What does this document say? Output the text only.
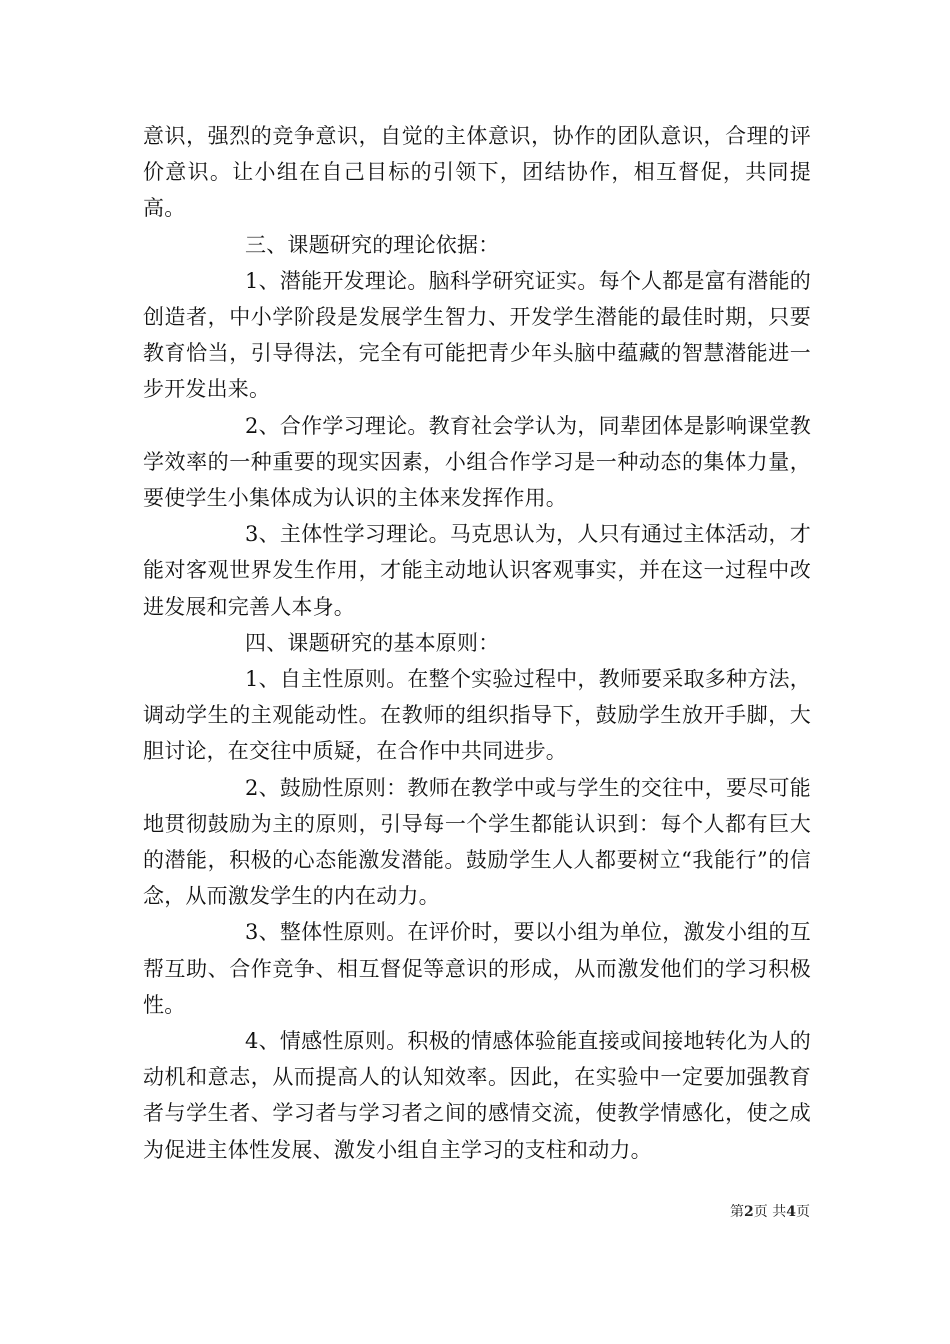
意识，强烈的竞争意识，自觉的主体意识，协作的团队意识，合理的评价意识。让小组在自己目标的引领下，团结协作，相互督促，共同提高。

三、课题研究的理论依据：

1、潜能开发理论。脑科学研究证实。每个人都是富有潜能的创造者，中小学阶段是发展学生智力、开发学生潜能的最佳时期，只要教育恰当，引导得法，完全有可能把青少年头脑中蕴藏的智慧潜能进一步开发出来。

2、合作学习理论。教育社会学认为，同辈团体是影响课堂教学效率的一种重要的现实因素，小组合作学习是一种动态的集体力量，要使学生小集体成为认识的主体来发挥作用。

3、主体性学习理论。马克思认为，人只有通过主体活动，才能对客观世界发生作用，才能主动地认识客观事实，并在这一过程中改进发展和完善人本身。

四、课题研究的基本原则：

1、自主性原则。在整个实验过程中，教师要采取多种方法，调动学生的主观能动性。在教师的组织指导下，鼓励学生放开手脚，大胆讨论，在交往中质疑，在合作中共同进步。

2、鼓励性原则：教师在教学中或与学生的交往中，要尽可能地贯彻鼓励为主的原则，引导每一个学生都能认识到：每个人都有巨大的潜能，积极的心态能激发潜能。鼓励学生人人都要树立“我能行”的信念，从而激发学生的内在动力。

3、整体性原则。在评价时，要以小组为单位，激发小组的互帮互助、合作竞争、相互督促等意识的形成，从而激发他们的学习积极性。

4、情感性原则。积极的情感体验能直接或间接地转化为人的动机和意志，从而提高人的认知效率。因此，在实验中一定要加强教育者与学生者、学习者与学习者之间的感情交流，使教学情感化，使之成为促进主体性发展、激发小组自主学习的支柱和动力。

第2页 共4页
